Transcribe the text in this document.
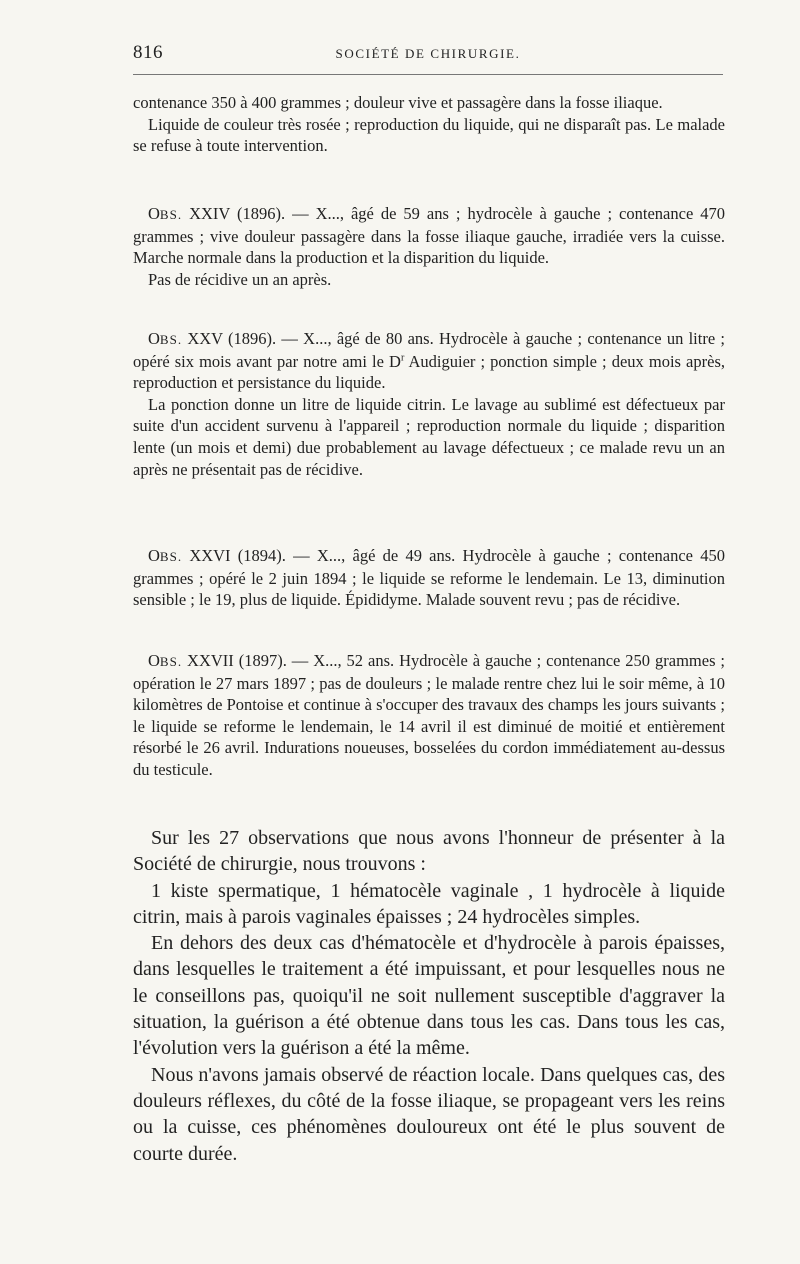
816	SOCIÉTÉ DE CHIRURGIE.

contenance 350 à 400 grammes ; douleur vive et passagère dans la fosse iliaque.

Liquide de couleur très rosée ; reproduction du liquide, qui ne disparaît pas. Le malade se refuse à toute intervention.

OBS. XXIV (1896). — X..., âgé de 59 ans ; hydrocèle à gauche ; contenance 470 grammes ; vive douleur passagère dans la fosse iliaque gauche, irradiée vers la cuisse. Marche normale dans la production et la disparition du liquide.

Pas de récidive un an après.

OBS. XXV (1896). — X..., âgé de 80 ans. Hydrocèle à gauche ; contenance un litre ; opéré six mois avant par notre ami le $D^r$ Audiguier ; ponction simple ; deux mois après, reproduction et persistance du liquide.

La ponction donne un litre de liquide citrin. Le lavage au sublimé est défectueux par suite d'un accident survenu à l'appareil ; reproduction normale du liquide ; disparition lente (un mois et demi) due probablement au lavage défectueux ; ce malade revu un an après ne présentait pas de récidive.

OBS. XXVI (1894). — X..., âgé de 49 ans. Hydrocèle à gauche ; contenance 450 grammes ; opéré le 2 juin 1894 ; le liquide se reforme le lendemain. Le 13, diminution sensible ; le 19, plus de liquide. Épididyme. Malade souvent revu ; pas de récidive.

OBS. XXVII (1897). — X..., 52 ans. Hydrocèle à gauche ; contenance 250 grammes ; opération le 27 mars 1897 ; pas de douleurs ; le malade rentre chez lui le soir même, à 10 kilomètres de Pontoise et continue à s'occuper des travaux des champs les jours suivants ; le liquide se reforme le lendemain, le 14 avril il est diminué de moitié et entièrement résorbé le 26 avril. Indurations noueuses, bosselées du cordon immédiatement au-dessus du testicule.

Sur les 27 observations que nous avons l'honneur de présenter à la Société de chirurgie, nous trouvons :

1 kiste spermatique, 1 hématocèle vaginale , 1 hydrocèle à liquide citrin, mais à parois vaginales épaisses ; 24 hydrocèles simples.

En dehors des deux cas d'hématocèle et d'hydrocèle à parois épaisses, dans lesquelles le traitement a été impuissant, et pour lesquelles nous ne le conseillons pas, quoiqu'il ne soit nullement susceptible d'aggraver la situation, la guérison a été obtenue dans tous les cas. Dans tous les cas, l'évolution vers la guérison a été la même.

Nous n'avons jamais observé de réaction locale. Dans quelques cas, des douleurs réflexes, du côté de la fosse iliaque, se propageant vers les reins ou la cuisse, ces phénomènes douloureux ont été le plus souvent de courte durée.
